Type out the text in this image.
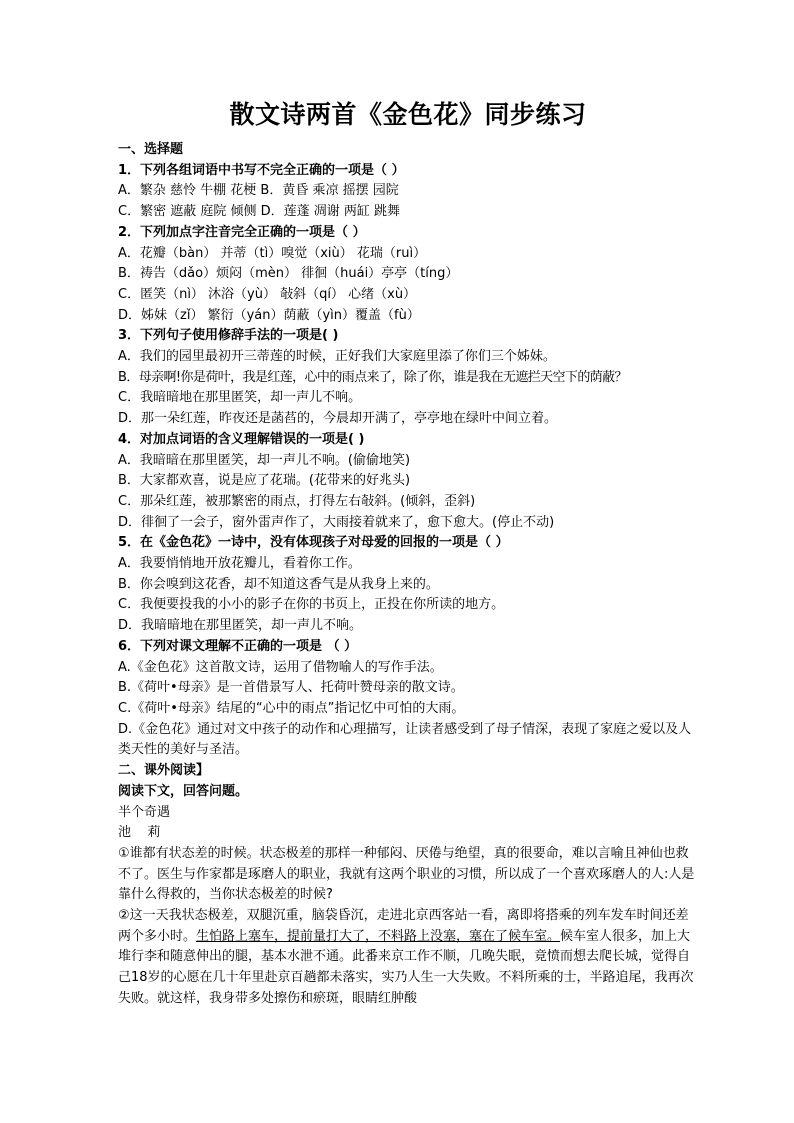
散文诗两首《金色花》同步练习
一、选择题
1．下列各组词语中书写不完全正确的一项是（ ）
A．繁杂 慈怜 牛棚 花梗 B．黄昏 乘凉 摇摆 园院
C．繁密 遮蔽 庭院 倾侧 D．莲蓬 凋谢 两缸 跳舞
2．下列加点字注音完全正确的一项是（ ）
A．花瓣（bàn） 并蒂（tì）嗅觉（xiù） 花瑞（ruì）
B．祷告（dǎo）烦闷（mèn） 徘徊（huái）亭亭（tíng）
C．匿笑（nì） 沐浴（yù） 敧斜（qí） 心绪（xù）
D．姊妹（zǐ） 繁衍（yán）荫蔽（yìn）覆盖（fù）
3．下列句子使用修辞手法的一项是( )
A．我们的园里最初开三蒂莲的时候，正好我们大家庭里添了你们三个姊妹。
B．母亲啊!你是荷叶，我是红莲，心中的雨点来了，除了你，谁是我在无遮拦天空下的荫蔽？
C．我暗暗地在那里匿笑，却一声儿不响。
D．那一朵红莲，昨夜还是菡萏的，今晨却开满了，亭亭地在绿叶中间立着。
4．对加点词语的含义理解错误的一项是( )
A．我暗暗在那里匿笑，却一声儿不响。(偷偷地笑)
B．大家都欢喜，说是应了花瑞。(花带来的好兆头)
C．那朵红莲，被那繁密的雨点，打得左右敧斜。(倾斜，歪斜)
D．徘徊了一会子，窗外雷声作了，大雨接着就来了，愈下愈大。(停止不动)
5．在《金色花》一诗中，没有体现孩子对母爱的回报的一项是（ ）
A．我要悄悄地开放花瓣儿，看着你工作。
B．你会嗅到这花香，却不知道这香气是从我身上来的。
C．我便要投我的小小的影子在你的书页上，正投在你所读的地方。
D．我暗暗地在那里匿笑，却一声儿不响。
6．下列对课文理解不正确的一项是 （ ）
A.《金色花》这首散文诗，运用了借物喻人的写作手法。
B.《荷叶•母亲》是一首借景写人、托荷叶赞母亲的散文诗。
C.《荷叶•母亲》结尾的“心中的雨点”指记忆中可怕的大雨。
D.《金色花》通过对文中孩子的动作和心理描写，让读者感受到了母子情深，表现了家庭之爱以及人类天性的美好与圣洁。
二、课外阅读】
阅读下文，回答问题。
半个奇遇
池    莉
①谁都有状态差的时候。状态极差的那样一种郁闷、厌倦与绝望，真的很要命，难以言喻且神仙也救不了。医生与作家都是琢磨人的职业，我就有这两个职业的习惯，所以成了一个喜欢琢磨人的人:人是靠什么得救的，当你状态极差的时候?
②这一天我状态极差，双腿沉重，脑袋昏沉，走进北京西客站一看，离即将搭乘的列车发车时间还差两个多小时。生怕路上塞车，提前量打大了，不料路上没塞，塞在了候车室。候车室人很多，加上大堆行李和随意伸出的腿，基本水泄不通。此番来京工作不顺，几晚失眠，竟愤而想去爬长城，觉得自己18岁的心愿在几十年里赴京百趟都未落实，实乃人生一大失败。不料所乘的士，半路追尾，我再次失败。就这样，我身带多处擦伤和瘀斑，眼睛红肿酸
